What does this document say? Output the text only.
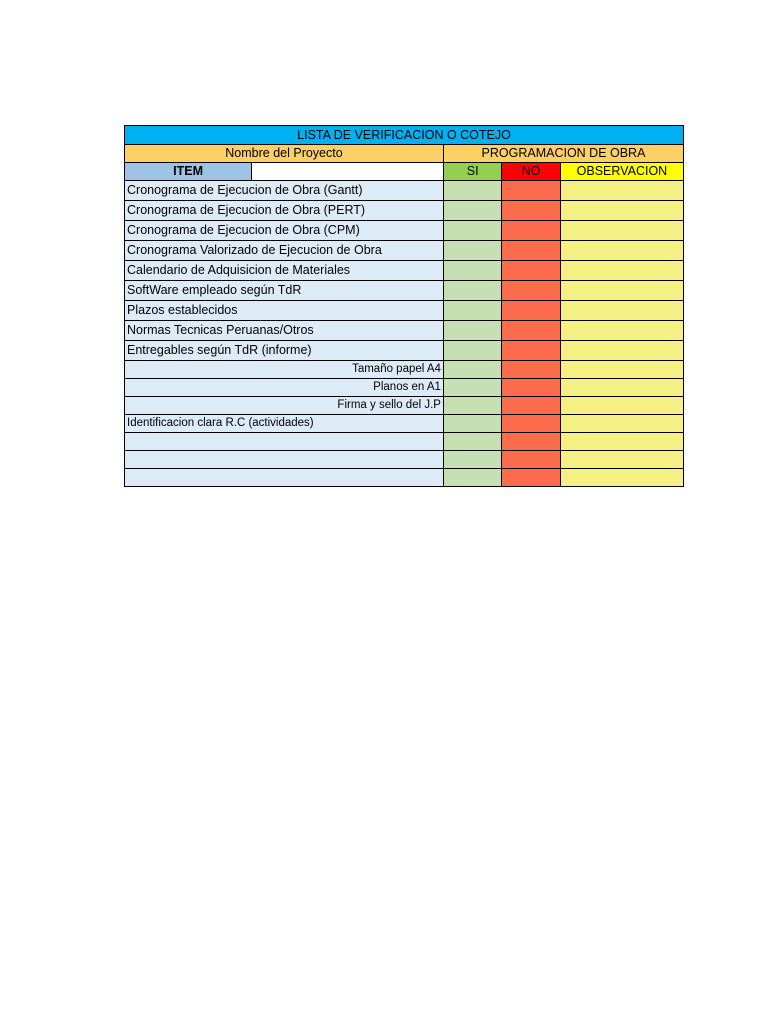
LISTA DE VERIFICACION O COTEJO				
Nombre del Proyecto		PROGRAMACION DE OBRA		
ITEM		SI	NO	OBSERVACION
Cronograma de Ejecucion de Obra (Gantt)				
Cronograma de Ejecucion de Obra (PERT)				
Cronograma de Ejecucion de Obra (CPM)				
Cronograma Valorizado de Ejecucion de Obra				
Calendario de Adquisicion de Materiales				
SoftWare empleado según TdR				
Plazos establecidos				
Normas Tecnicas Peruanas/Otros				
Entregables según TdR (informe)				
Tamaño papel A4				
Planos en A1				
Firma y sello del J.P				
Identificacion clara R.C (actividades)				
